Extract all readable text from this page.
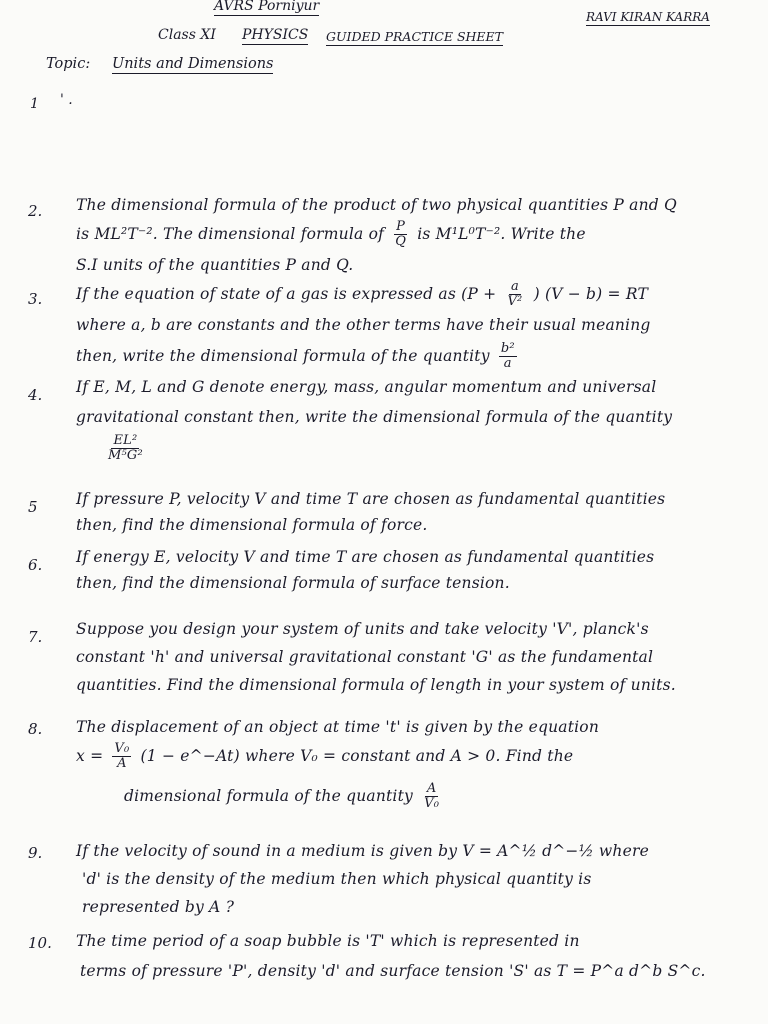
AVRS Porniyur
RAVI KIRAN KARRA
Class XI PHYSICS GUIDED PRACTICE SHEET
Topic: Units and Dimensions
1 ' .
2.	The dimensional formula of the product of two physical quantities P and Q
is ML²T⁻². The dimensional formula of $\frac{P}{Q}$ is M¹L⁰T⁻². Write the
S.I units of the quantities P and Q.
3.	If the equation of state of a gas is expressed as ($P + \frac{a}{\text{V²}}$ ) (V − b) = RT
where a, b are constants and the other terms have their usual meaning
then, write the dimensional formula of the quantity $\frac{\text{b²}}{a}$
4.	If E, M, L and G denote energy, mass, angular momentum and universal
gravitational constant then, write the dimensional formula of the quantity
$\frac{\text{EL²}}{\text{M⁵G²}}$
5	If pressure P, velocity V and time T are chosen as fundamental quantities
then, find the dimensional formula of force.
6.	If energy E, velocity V and time T are chosen as fundamental quantities
then, find the dimensional formula of surface tension.
7.	Suppose you design your system of units and take velocity 'V', planck's
constant 'h' and universal gravitational constant 'G' as the fundamental
quantities. Find the dimensional formula of length in your system of units.
8.	The displacement of an object at time 't' is given by the equation
$x = \frac{\text{V₀}}{A} (1$ − e^−At) where V₀ = constant and A > 0. Find the
dimensional formula of the quantity $\frac{A}{\text{V₀}}$
9.	If the velocity of sound in a medium is given by V = A^½ d^−½ where
'd' is the density of the medium then which physical quantity is
represented by A ?
10.	The time period of a soap bubble is 'T' which is represented in
terms of pressure 'P', density 'd' and surface tension 'S' as T = P^a d^b S^c.
